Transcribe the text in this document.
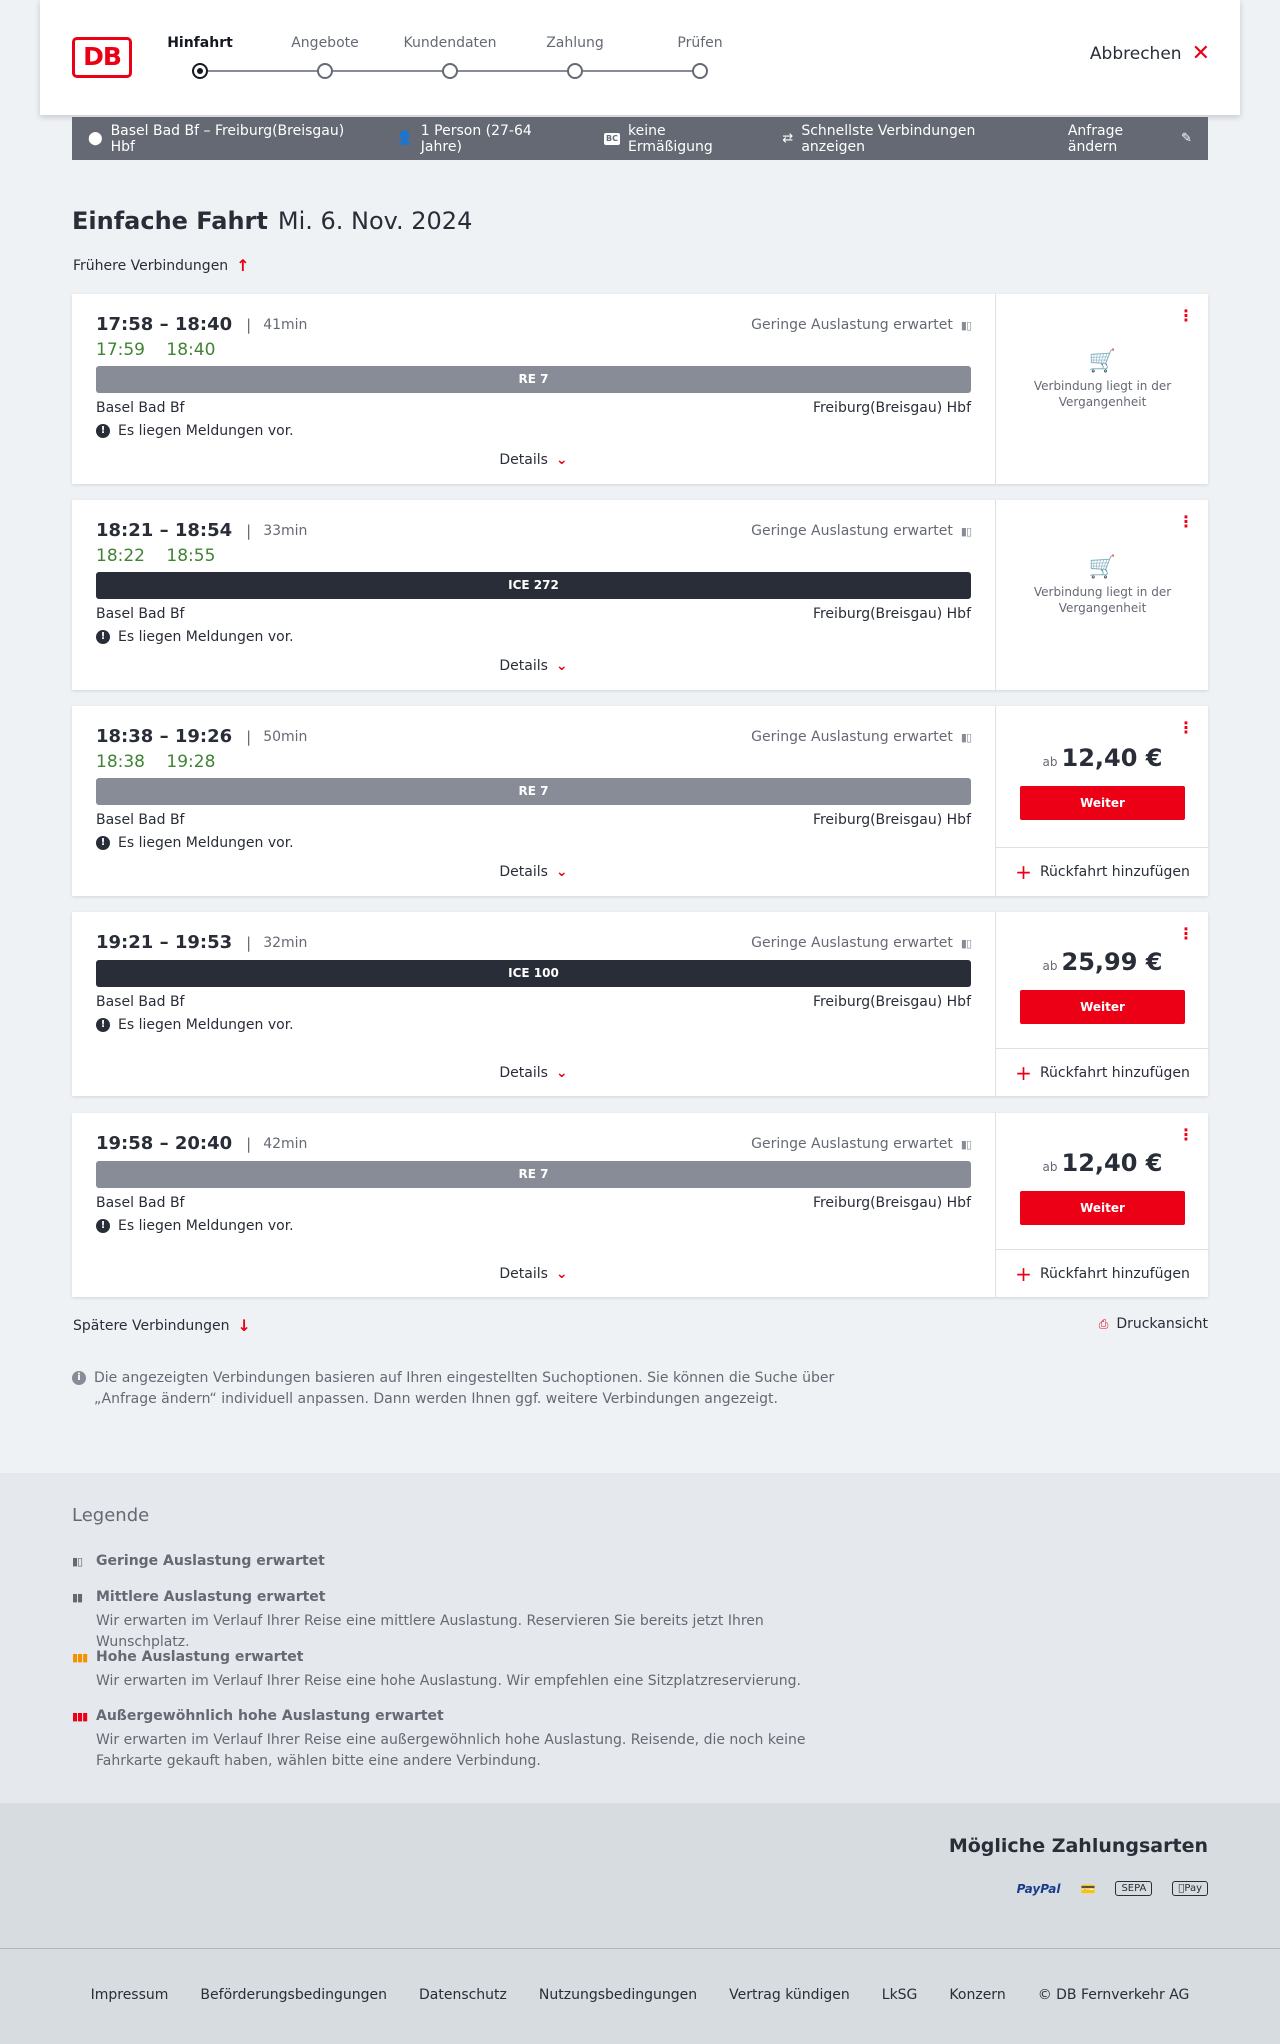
DB	Hinfahrt	Angebote	Kundendaten	Zahlung	Prüfen
Abbrechen ✕
⬤ Basel Bad Bf – Freiburg(Breisgau) Hbf	👤 1 Person (27-64 Jahre)
BC keine Ermäßigung	⇄ Schnellste Verbindungen anzeigen
Anfrage ändern	✎
Einfache Fahrt Mi. 6. Nov. 2024
Frühere Verbindungen ↑
17:58 – 18:40 | 41min
17:59 18:40
Geringe Auslastung erwartet ▮▯
RE 7
Basel Bad Bf	Freiburg(Breisgau) Hbf
! Es liegen Meldungen vor.
Details ⌄
⋮
🛒
Verbindung liegt in der Vergangenheit
18:21 – 18:54 | 33min
18:22 18:55
Geringe Auslastung erwartet ▮▯
ICE 272
Basel Bad Bf	Freiburg(Breisgau) Hbf
! Es liegen Meldungen vor.
Details ⌄
⋮
🛒
Verbindung liegt in der Vergangenheit
18:38 – 19:26 | 50min
18:38 19:28
Geringe Auslastung erwartet ▮▯
RE 7
Basel Bad Bf	Freiburg(Breisgau) Hbf
! Es liegen Meldungen vor.
Details ⌄
⋮
ab 12,40 €
Weiter
+ Rückfahrt hinzufügen
19:21 – 19:53 | 32min	Geringe Auslastung erwartet ▮▯
ICE 100
Basel Bad Bf	Freiburg(Breisgau) Hbf
! Es liegen Meldungen vor.
Details ⌄
⋮
ab 25,99 €
Weiter
+ Rückfahrt hinzufügen
19:58 – 20:40 | 42min	Geringe Auslastung erwartet ▮▯
RE 7
Basel Bad Bf	Freiburg(Breisgau) Hbf
! Es liegen Meldungen vor.
Details ⌄
⋮
ab 12,40 €
Weiter
+ Rückfahrt hinzufügen
Spätere Verbindungen ↓	⎙ Druckansicht
i Die angezeigten Verbindungen basieren auf Ihren eingestellten Suchoptionen. Sie können die Suche über „Anfrage ändern“ individuell anpassen. Dann werden Ihnen ggf. weitere Verbindungen angezeigt.
Legende
▮▯ Geringe Auslastung erwartet
▮▮ Mittlere Auslastung erwartet
Wir erwarten im Verlauf Ihrer Reise eine mittlere Auslastung. Reservieren Sie bereits jetzt Ihren Wunschplatz.
▮▮▮ Hohe Auslastung erwartet
Wir erwarten im Verlauf Ihrer Reise eine hohe Auslastung. Wir empfehlen eine Sitzplatzreservierung.
▮▮▮ Außergewöhnlich hohe Auslastung erwartet
Wir erwarten im Verlauf Ihrer Reise eine außergewöhnlich hohe Auslastung. Reisende, die noch keine Fahrkarte gekauft haben, wählen bitte eine andere Verbindung.
Mögliche Zahlungsarten
PayPal	💳	SEPA	Pay
Impressum Beförderungsbedingungen Datenschutz Nutzungsbedingungen Vertrag kündigen LkSG Konzern © DB Fernverkehr AG
